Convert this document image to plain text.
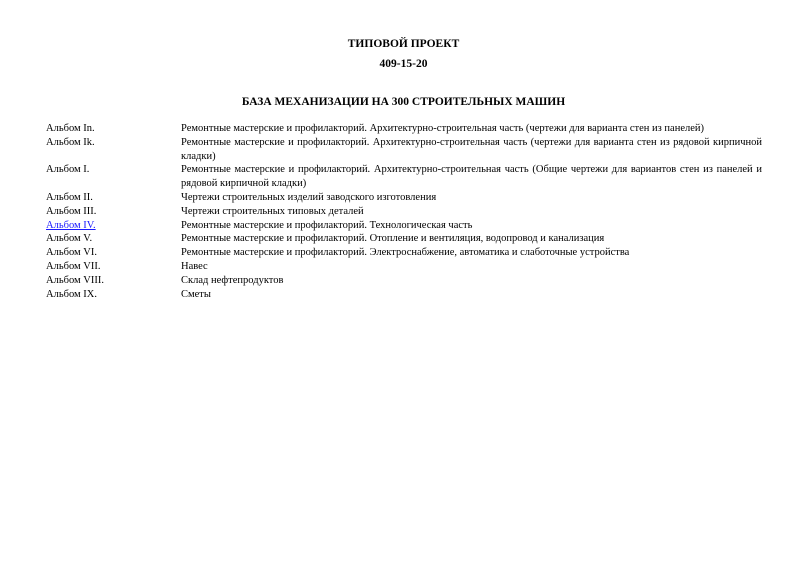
ТИПОВОЙ ПРОЕКТ
409-15-20
БАЗА МЕХАНИЗАЦИИ НА 300 СТРОИТЕЛЬНЫХ МАШИН
Альбом In.	Ремонтные мастерские и профилакторий. Архитектурно-строительная часть (чертежи для варианта стен из панелей)
Альбом Ik.	Ремонтные мастерские и профилакторий. Архитектурно-строительная часть (чертежи для варианта стен из рядовой кирпичной кладки)
Альбом I.	Ремонтные мастерские и профилакторий. Архитектурно-строительная часть (Общие чертежи для вариантов стен из панелей и рядовой кирпичной кладки)
Альбом II.	Чертежи строительных изделий заводского изготовления
Альбом III.	Чертежи строительных типовых деталей
Альбом IV.	Ремонтные мастерские и профилакторий. Технологическая часть
Альбом V.	Ремонтные мастерские и профилакторий. Отопление и вентиляция, водопровод и канализация
Альбом VI.	Ремонтные мастерские и профилакторий. Электроснабжение, автоматика и слаботочные устройства
Альбом VII.	Навес
Альбом VIII.	Склад нефтепродуктов
Альбом IX.	Сметы
